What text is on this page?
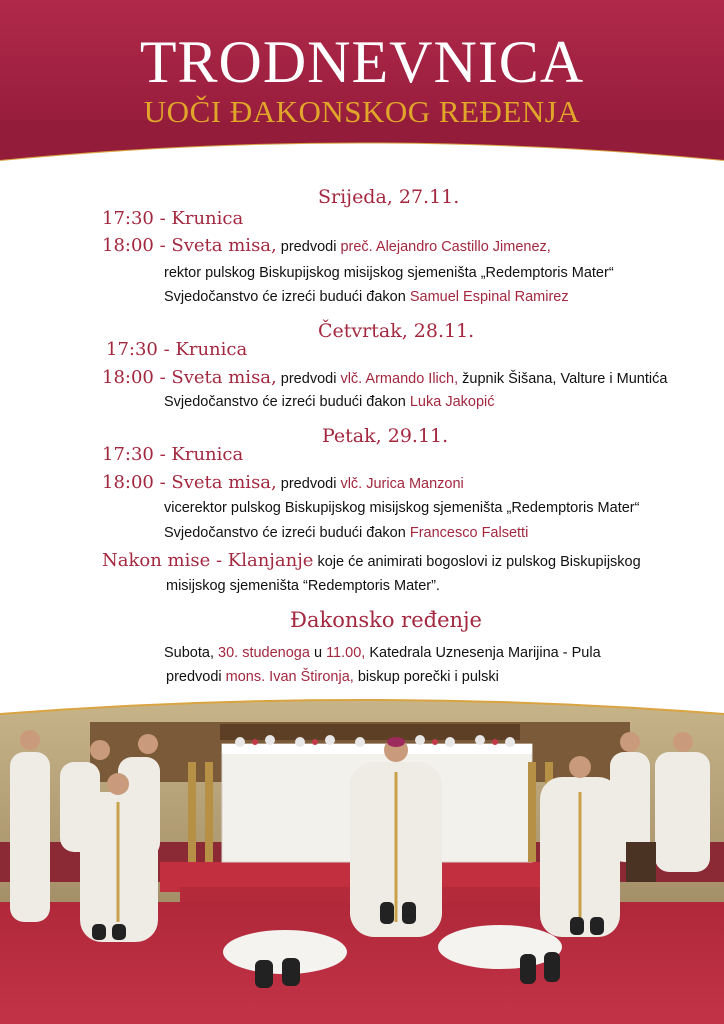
TRODNEVNICA
UOČI ĐAKONSKOG REĐENJA
Srijeda, 27.11.
17:30 - Krunica
18:00 - Sveta misa, predvodi preč. Alejandro Castillo Jimenez,
rektor pulskog Biskupijskog misijskog sjemeništa „Redemptoris Mater“
Svjedočanstvo će izreći budući đakon Samuel Espinal Ramirez
Četvrtak, 28.11.
17:30 - Krunica
18:00 - Sveta misa, predvodi vlč. Armando Ilich, župnik Šišana, Valture i Muntića
Svjedočanstvo će izreći budući đakon Luka Jakopić
Petak, 29.11.
17:30 - Krunica
18:00 - Sveta misa, predvodi vlč. Jurica Manzoni
vicerektor pulskog Biskupijskog misijskog sjemeništa „Redemptoris Mater“
Svjedočanstvo će izreći budući đakon Francesco Falsetti
Nakon mise - Klanjanje koje će animirati bogoslovi iz pulskog Biskupijskog
misijskog sjemeništa “Redemptoris Mater”.
Đakonsko ređenje
Subota, 30. studenoga u 11.00, Katedrala Uznesenja Marijina - Pula
predvodi mons. Ivan Štironja, biskup porečki i pulski
